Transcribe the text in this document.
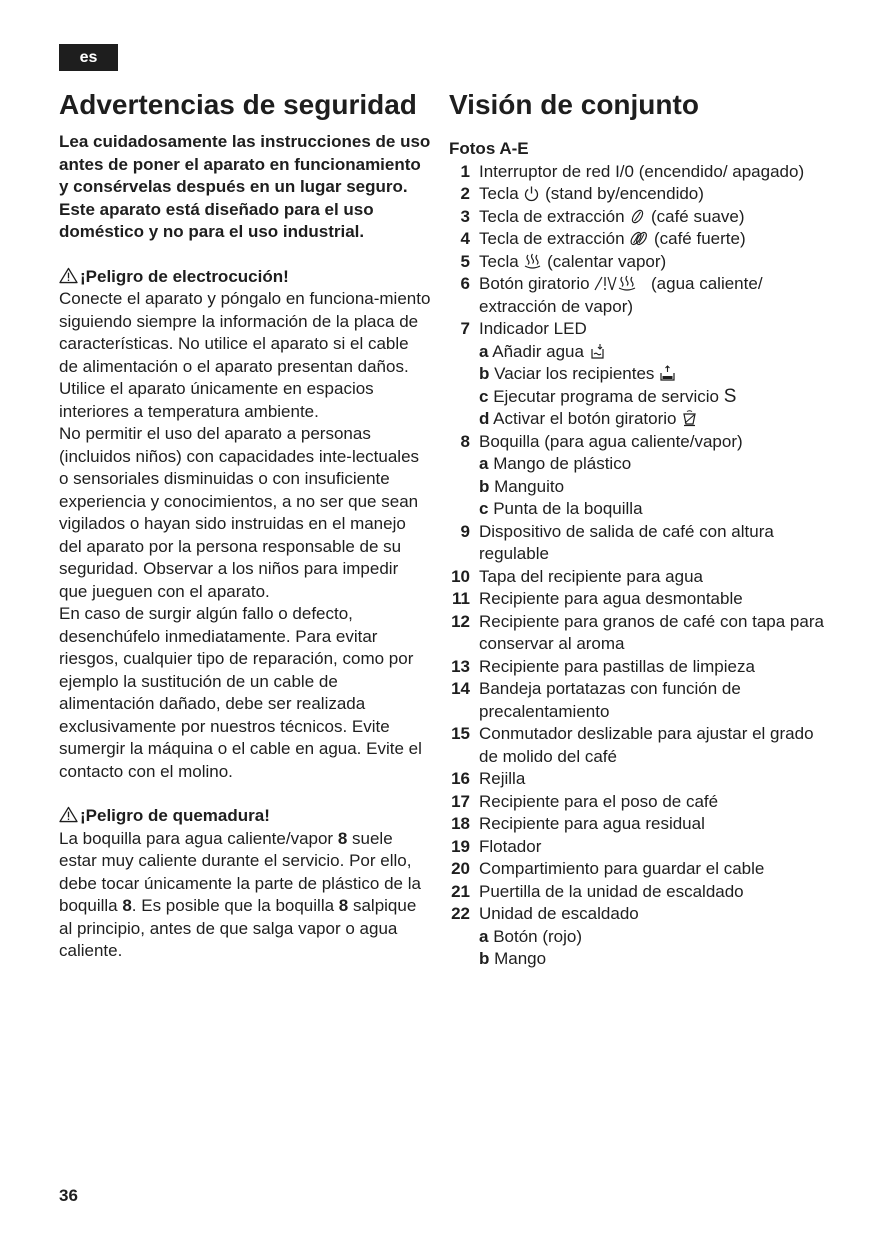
es
Advertencias de seguridad

Lea cuidadosamente las instrucciones de uso antes de poner el aparato en funcionamiento y consérvelas después en un lugar seguro.

Este aparato está diseñado para el uso doméstico y no para el uso industrial.

¡Peligro de electrocución!

Conecte el aparato y póngalo en funciona-miento siguiendo siempre la información de la placa de características. No utilice el aparato si el cable de alimentación o el aparato presentan daños. Utilice el aparato únicamente en espacios interiores a temperatura ambiente.

No permitir el uso del aparato a personas (incluidos niños) con capacidades inte-lectuales o sensoriales disminuidas o con insuficiente experiencia y conocimientos, a no ser que sean vigilados o hayan sido instruidas en el manejo del aparato por la persona responsable de su seguridad. Observar a los niños para impedir que jueguen con el aparato.

En caso de surgir algún fallo o defecto, desenchúfelo inmediatamente. Para evitar riesgos, cualquier tipo de reparación, como por ejemplo la sustitución de un cable de alimentación dañado, debe ser realizada exclusivamente por nuestros técnicos. Evite sumergir la máquina o el cable en agua. Evite el contacto con el molino.

¡Peligro de quemadura!

La boquilla para agua caliente/vapor 8 suele estar muy caliente durante el servicio. Por ello, debe tocar únicamente la parte de plástico de la boquilla 8. Es posible que la boquilla 8 salpique al principio, antes de que salga vapor o agua caliente.

Visión de conjunto
Fotos A-E
1 Interruptor de red I/0 (encendido/ apagado)
2 Tecla  (stand by/encendido)
3 Tecla de extracción  (café suave)
4 Tecla de extracción  (café fuerte)
5 Tecla  (calentar vapor)
6 Botón giratorio	(agua caliente/ extracción de vapor)
7 Indicador LED
a Añadir agua
b Vaciar los recipientes
c Ejecutar programa de servicio S
d Activar el botón giratorio
8 Boquilla (para agua caliente/vapor)
a Mango de plástico
b Manguito
c Punta de la boquilla
9 Dispositivo de salida de café con altura regulable
10 Tapa del recipiente para agua
11 Recipiente para agua desmontable
12 Recipiente para granos de café con tapa para conservar al aroma
13 Recipiente para pastillas de limpieza
14 Bandeja portatazas con función de precalentamiento
15 Conmutador deslizable para ajustar el grado de molido del café
16 Rejilla
17 Recipiente para el poso de café
18 Recipiente para agua residual
19 Flotador
20 Compartimiento para guardar el cable
21 Puertilla de la unidad de escaldado
22 Unidad de escaldado
a Botón (rojo)
b Mango
36
